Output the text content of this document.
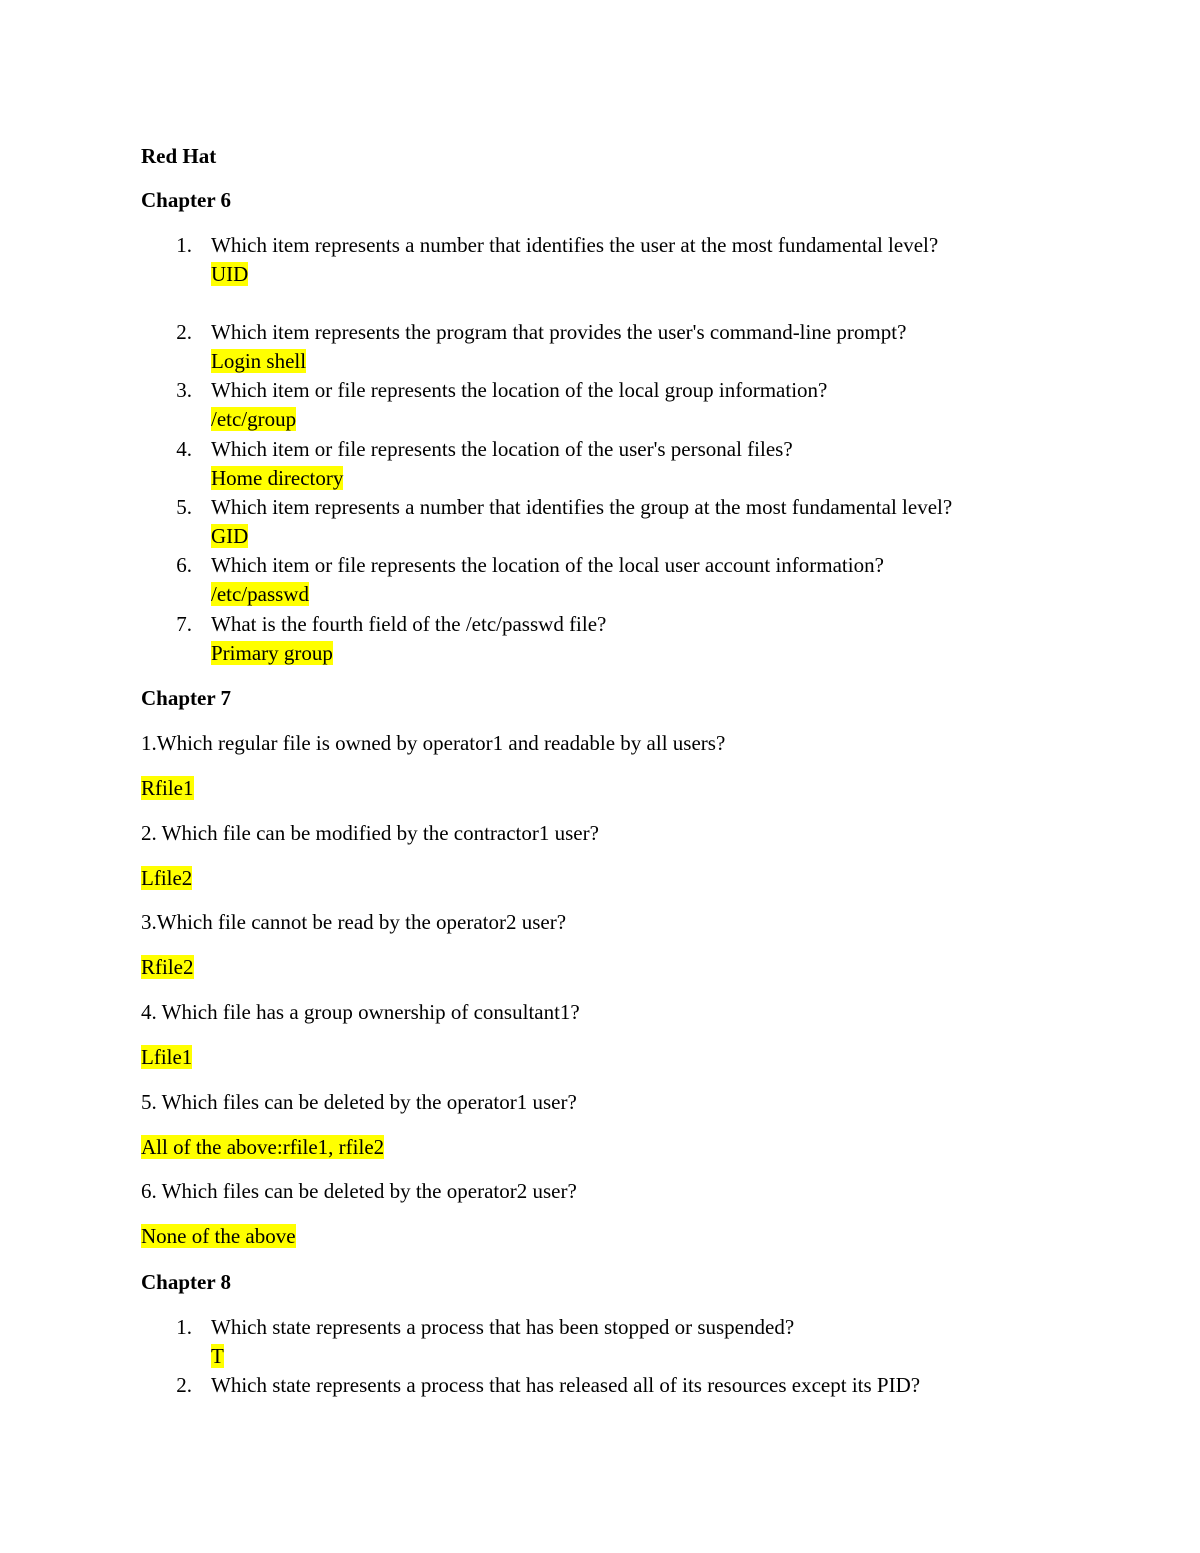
Red Hat
Chapter 6
1. Which item represents a number that identifies the user at the most fundamental level?
UID
2. Which item represents the program that provides the user's command-line prompt?
Login shell
3. Which item or file represents the location of the local group information?
/etc/group
4. Which item or file represents the location of the user's personal files?
Home directory
5. Which item represents a number that identifies the group at the most fundamental level?
GID
6. Which item or file represents the location of the local user account information?
/etc/passwd
7. What is the fourth field of the /etc/passwd file?
Primary group
Chapter 7
1.Which regular file is owned by operator1 and readable by all users?
Rfile1
2. Which file can be modified by the contractor1 user?
Lfile2
3.Which file cannot be read by the operator2 user?
Rfile2
4. Which file has a group ownership of consultant1?
Lfile1
5. Which files can be deleted by the operator1 user?
All of the above:rfile1, rfile2
6. Which files can be deleted by the operator2 user?
None of the above
Chapter 8
1. Which state represents a process that has been stopped or suspended?
T
2. Which state represents a process that has released all of its resources except its PID?
